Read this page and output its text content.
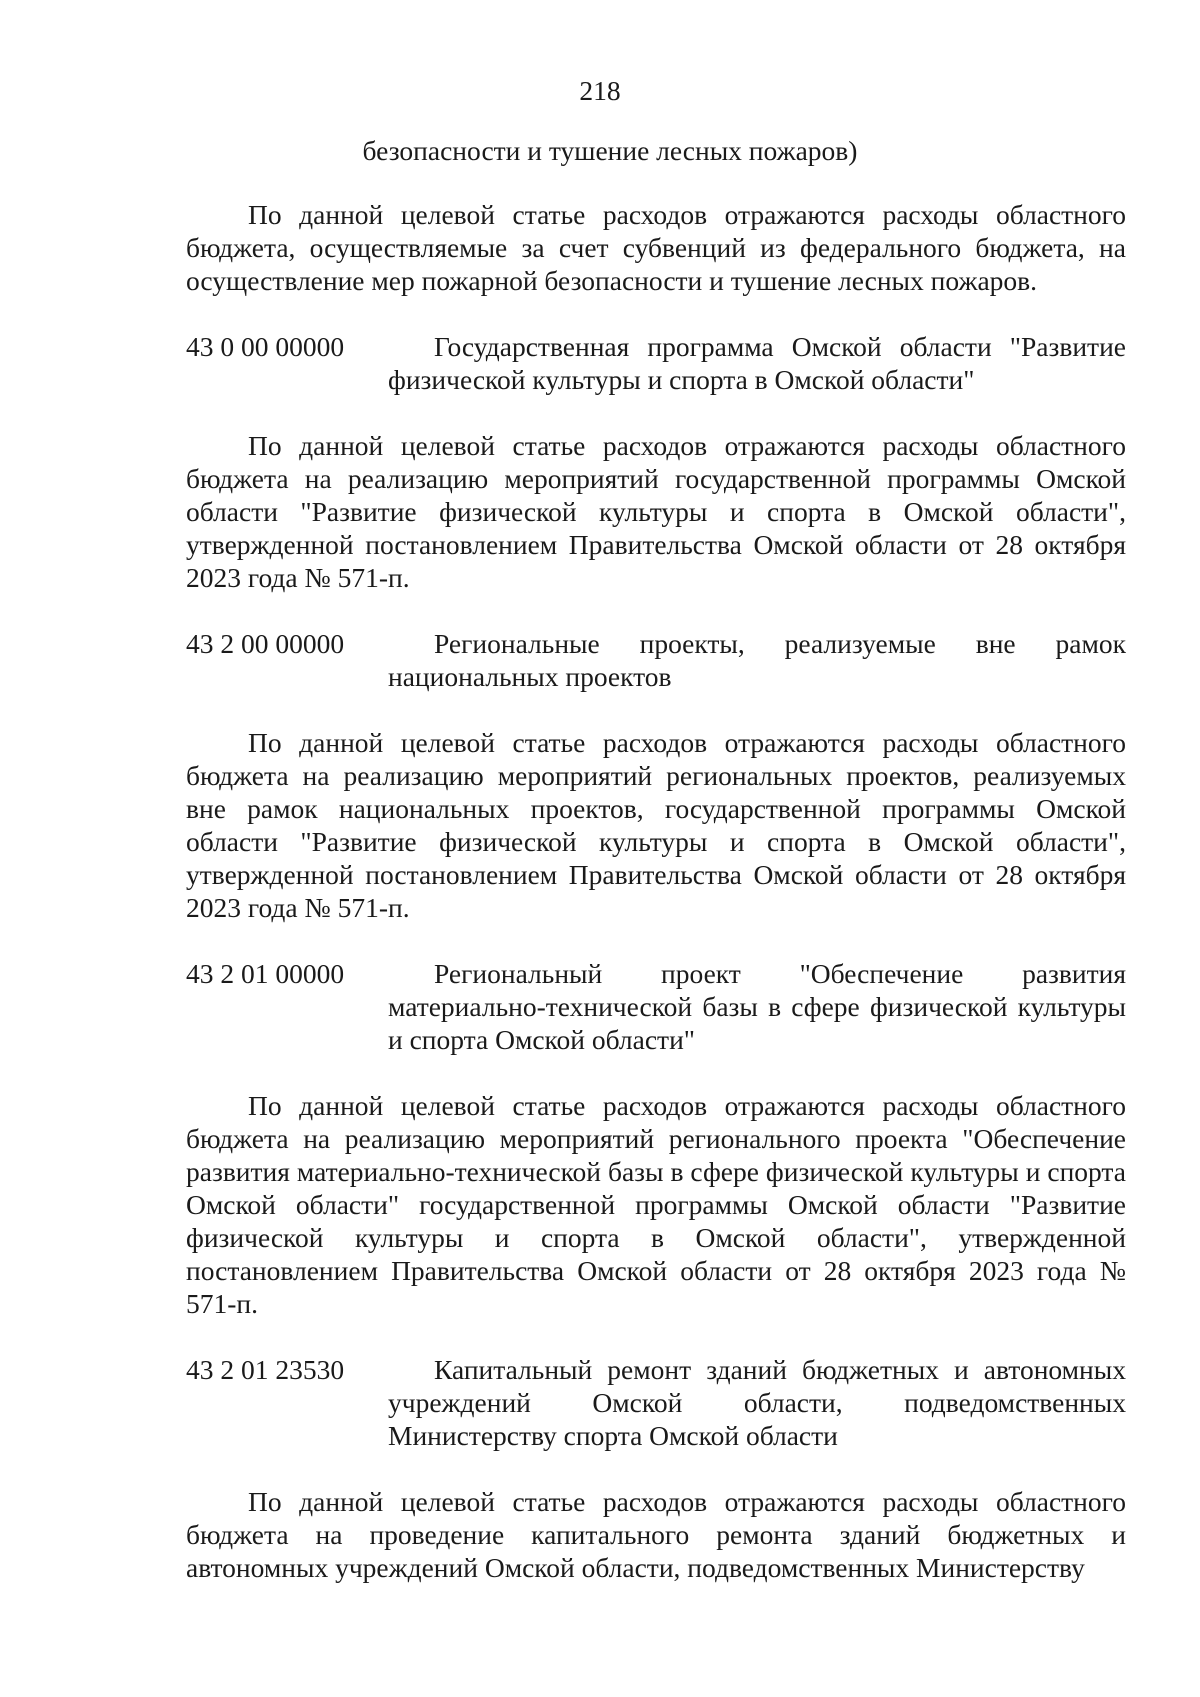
218
безопасности и тушение лесных пожаров)

По данной целевой статье расходов отражаются расходы областного бюджета, осуществляемые за счет субвенций из федерального бюджета, на осуществление мер пожарной безопасности и тушение лесных пожаров.

43 0 00 00000	Государственная программа Омской области "Развитие физической культуры и спорта в Омской области"

По данной целевой статье расходов отражаются расходы областного бюджета на реализацию мероприятий государственной программы Омской области "Развитие физической культуры и спорта в Омской области", утвержденной постановлением Правительства Омской области от 28 октября 2023 года № 571-п.

43 2 00 00000	Региональные проекты, реализуемые вне рамок национальных проектов

По данной целевой статье расходов отражаются расходы областного бюджета на реализацию мероприятий региональных проектов, реализуемых вне рамок национальных проектов, государственной программы Омской области "Развитие физической культуры и спорта в Омской области", утвержденной постановлением Правительства Омской области от 28 октября 2023 года № 571-п.

43 2 01 00000	Региональный проект "Обеспечение развития материально-технической базы в сфере физической культуры и спорта Омской области"

По данной целевой статье расходов отражаются расходы областного бюджета на реализацию мероприятий регионального проекта "Обеспечение развития материально-технической базы в сфере физической культуры и спорта Омской области" государственной программы Омской области "Развитие физической культуры и спорта в Омской области", утвержденной постановлением Правительства Омской области от 28 октября 2023 года № 571-п.

43 2 01 23530	Капитальный ремонт зданий бюджетных и автономных учреждений Омской области, подведомственных Министерству спорта Омской области

По данной целевой статье расходов отражаются расходы областного бюджета на проведение капитального ремонта зданий бюджетных и автономных учреждений Омской области, подведомственных Министерству
